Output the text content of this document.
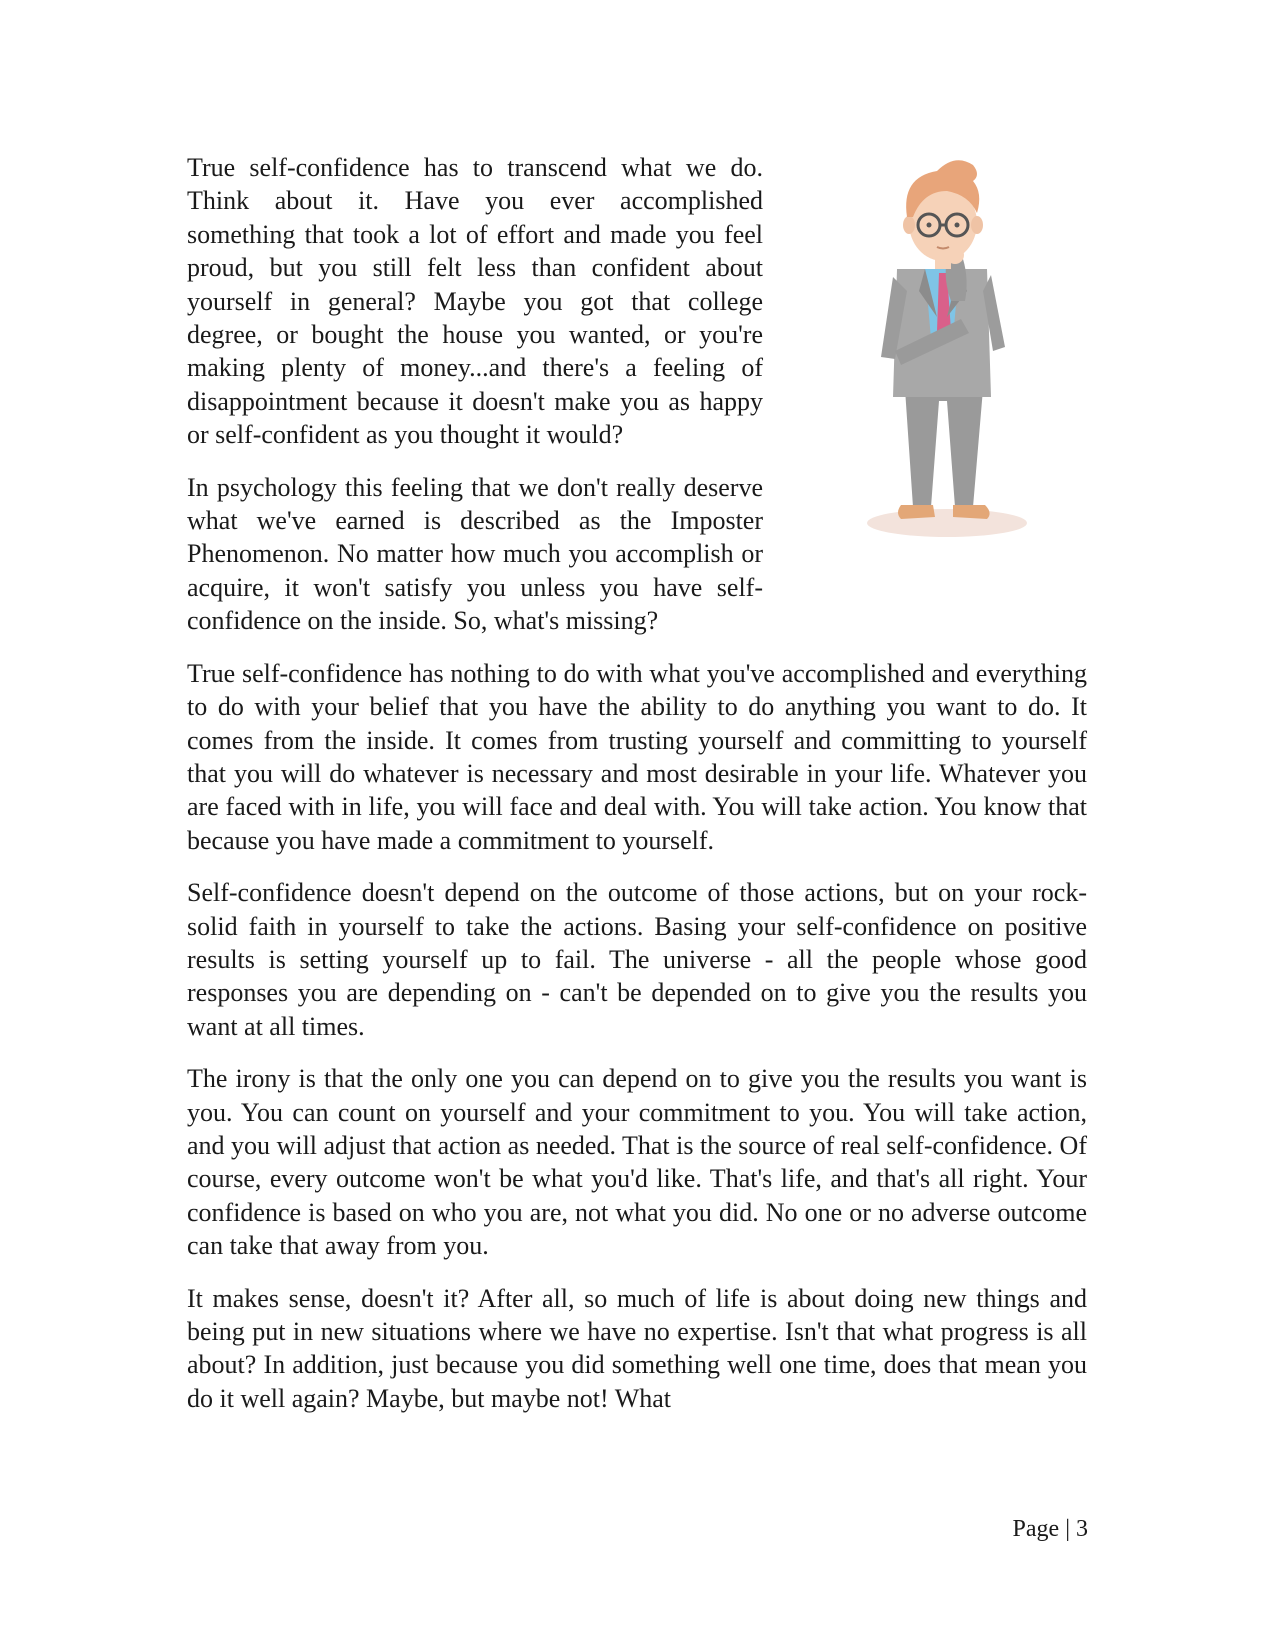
True self-confidence has to transcend what we do. Think about it. Have you ever accomplished something that took a lot of effort and made you feel proud, but you still felt less than confident about yourself in general? Maybe you got that college degree, or bought the house you wanted, or you're making plenty of money...and there's a feeling of disappointment because it doesn't make you as happy or self-confident as you thought it would?

In psychology this feeling that we don't really deserve what we've earned is described as the Imposter Phenomenon. No matter how much you accomplish or acquire, it won't satisfy you unless you have self-confidence on the inside. So, what's missing?

True self-confidence has nothing to do with what you've accomplished and everything to do with your belief that you have the ability to do anything you want to do. It comes from the inside. It comes from trusting yourself and committing to yourself that you will do whatever is necessary and most desirable in your life. Whatever you are faced with in life, you will face and deal with. You will take action. You know that because you have made a commitment to yourself.

Self-confidence doesn't depend on the outcome of those actions, but on your rock-solid faith in yourself to take the actions. Basing your self-confidence on positive results is setting yourself up to fail. The universe - all the people whose good responses you are depending on - can't be depended on to give you the results you want at all times.

The irony is that the only one you can depend on to give you the results you want is you. You can count on yourself and your commitment to you. You will take action, and you will adjust that action as needed. That is the source of real self-confidence. Of course, every outcome won't be what you'd like. That's life, and that's all right. Your confidence is based on who you are, not what you did. No one or no adverse outcome can take that away from you.

It makes sense, doesn't it? After all, so much of life is about doing new things and being put in new situations where we have no expertise. Isn't that what progress is all about? In addition, just because you did something well one time, does that mean you do it well again? Maybe, but maybe not! What

Page | 3
